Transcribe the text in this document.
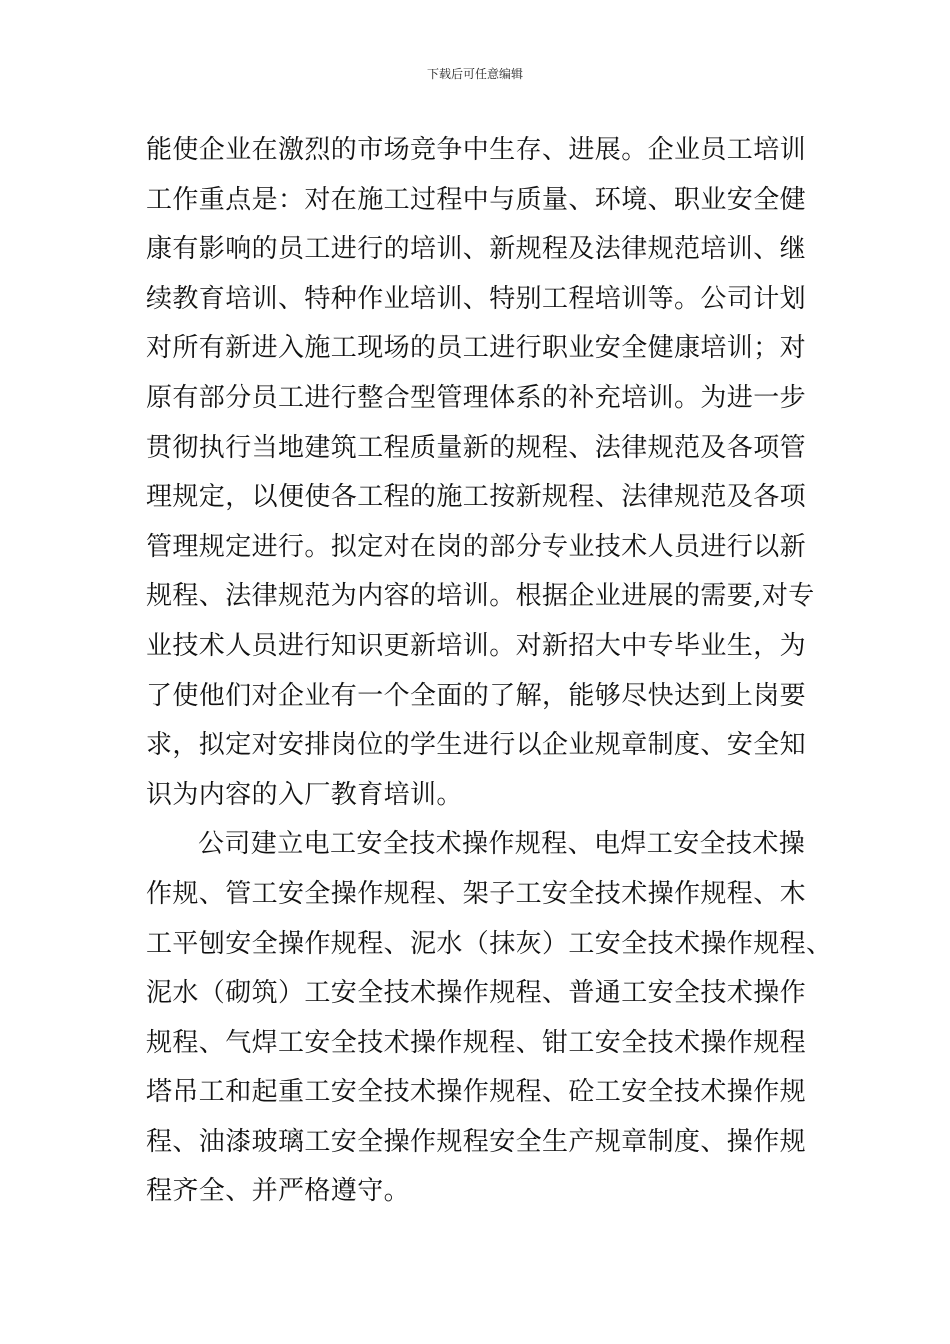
下载后可任意编辑
能使企业在激烈的市场竞争中生存、进展。企业员工培训
工作重点是：对在施工过程中与质量、环境、职业安全健
康有影响的员工进行的培训、新规程及法律规范培训、继
续教育培训、特种作业培训、特别工程培训等。公司计划
对所有新进入施工现场的员工进行职业安全健康培训；对
原有部分员工进行整合型管理体系的补充培训。为进一步
贯彻执行当地建筑工程质量新的规程、法律规范及各项管
理规定，以便使各工程的施工按新规程、法律规范及各项
管理规定进行。拟定对在岗的部分专业技术人员进行以新
规程、法律规范为内容的培训。根据企业进展的需要,对专
业技术人员进行知识更新培训。对新招大中专毕业生，为
了使他们对企业有一个全面的了解，能够尽快达到上岗要
求，拟定对安排岗位的学生进行以企业规章制度、安全知
识为内容的入厂教育培训。
公司建立电工安全技术操作规程、电焊工安全技术操
作规、管工安全操作规程、架子工安全技术操作规程、木
工平刨安全操作规程、泥水（抹灰）工安全技术操作规程、
泥水（砌筑）工安全技术操作规程、普通工安全技术操作
规程、气焊工安全技术操作规程、钳工安全技术操作规程
塔吊工和起重工安全技术操作规程、砼工安全技术操作规
程、油漆玻璃工安全操作规程安全生产规章制度、操作规
程齐全、并严格遵守。
